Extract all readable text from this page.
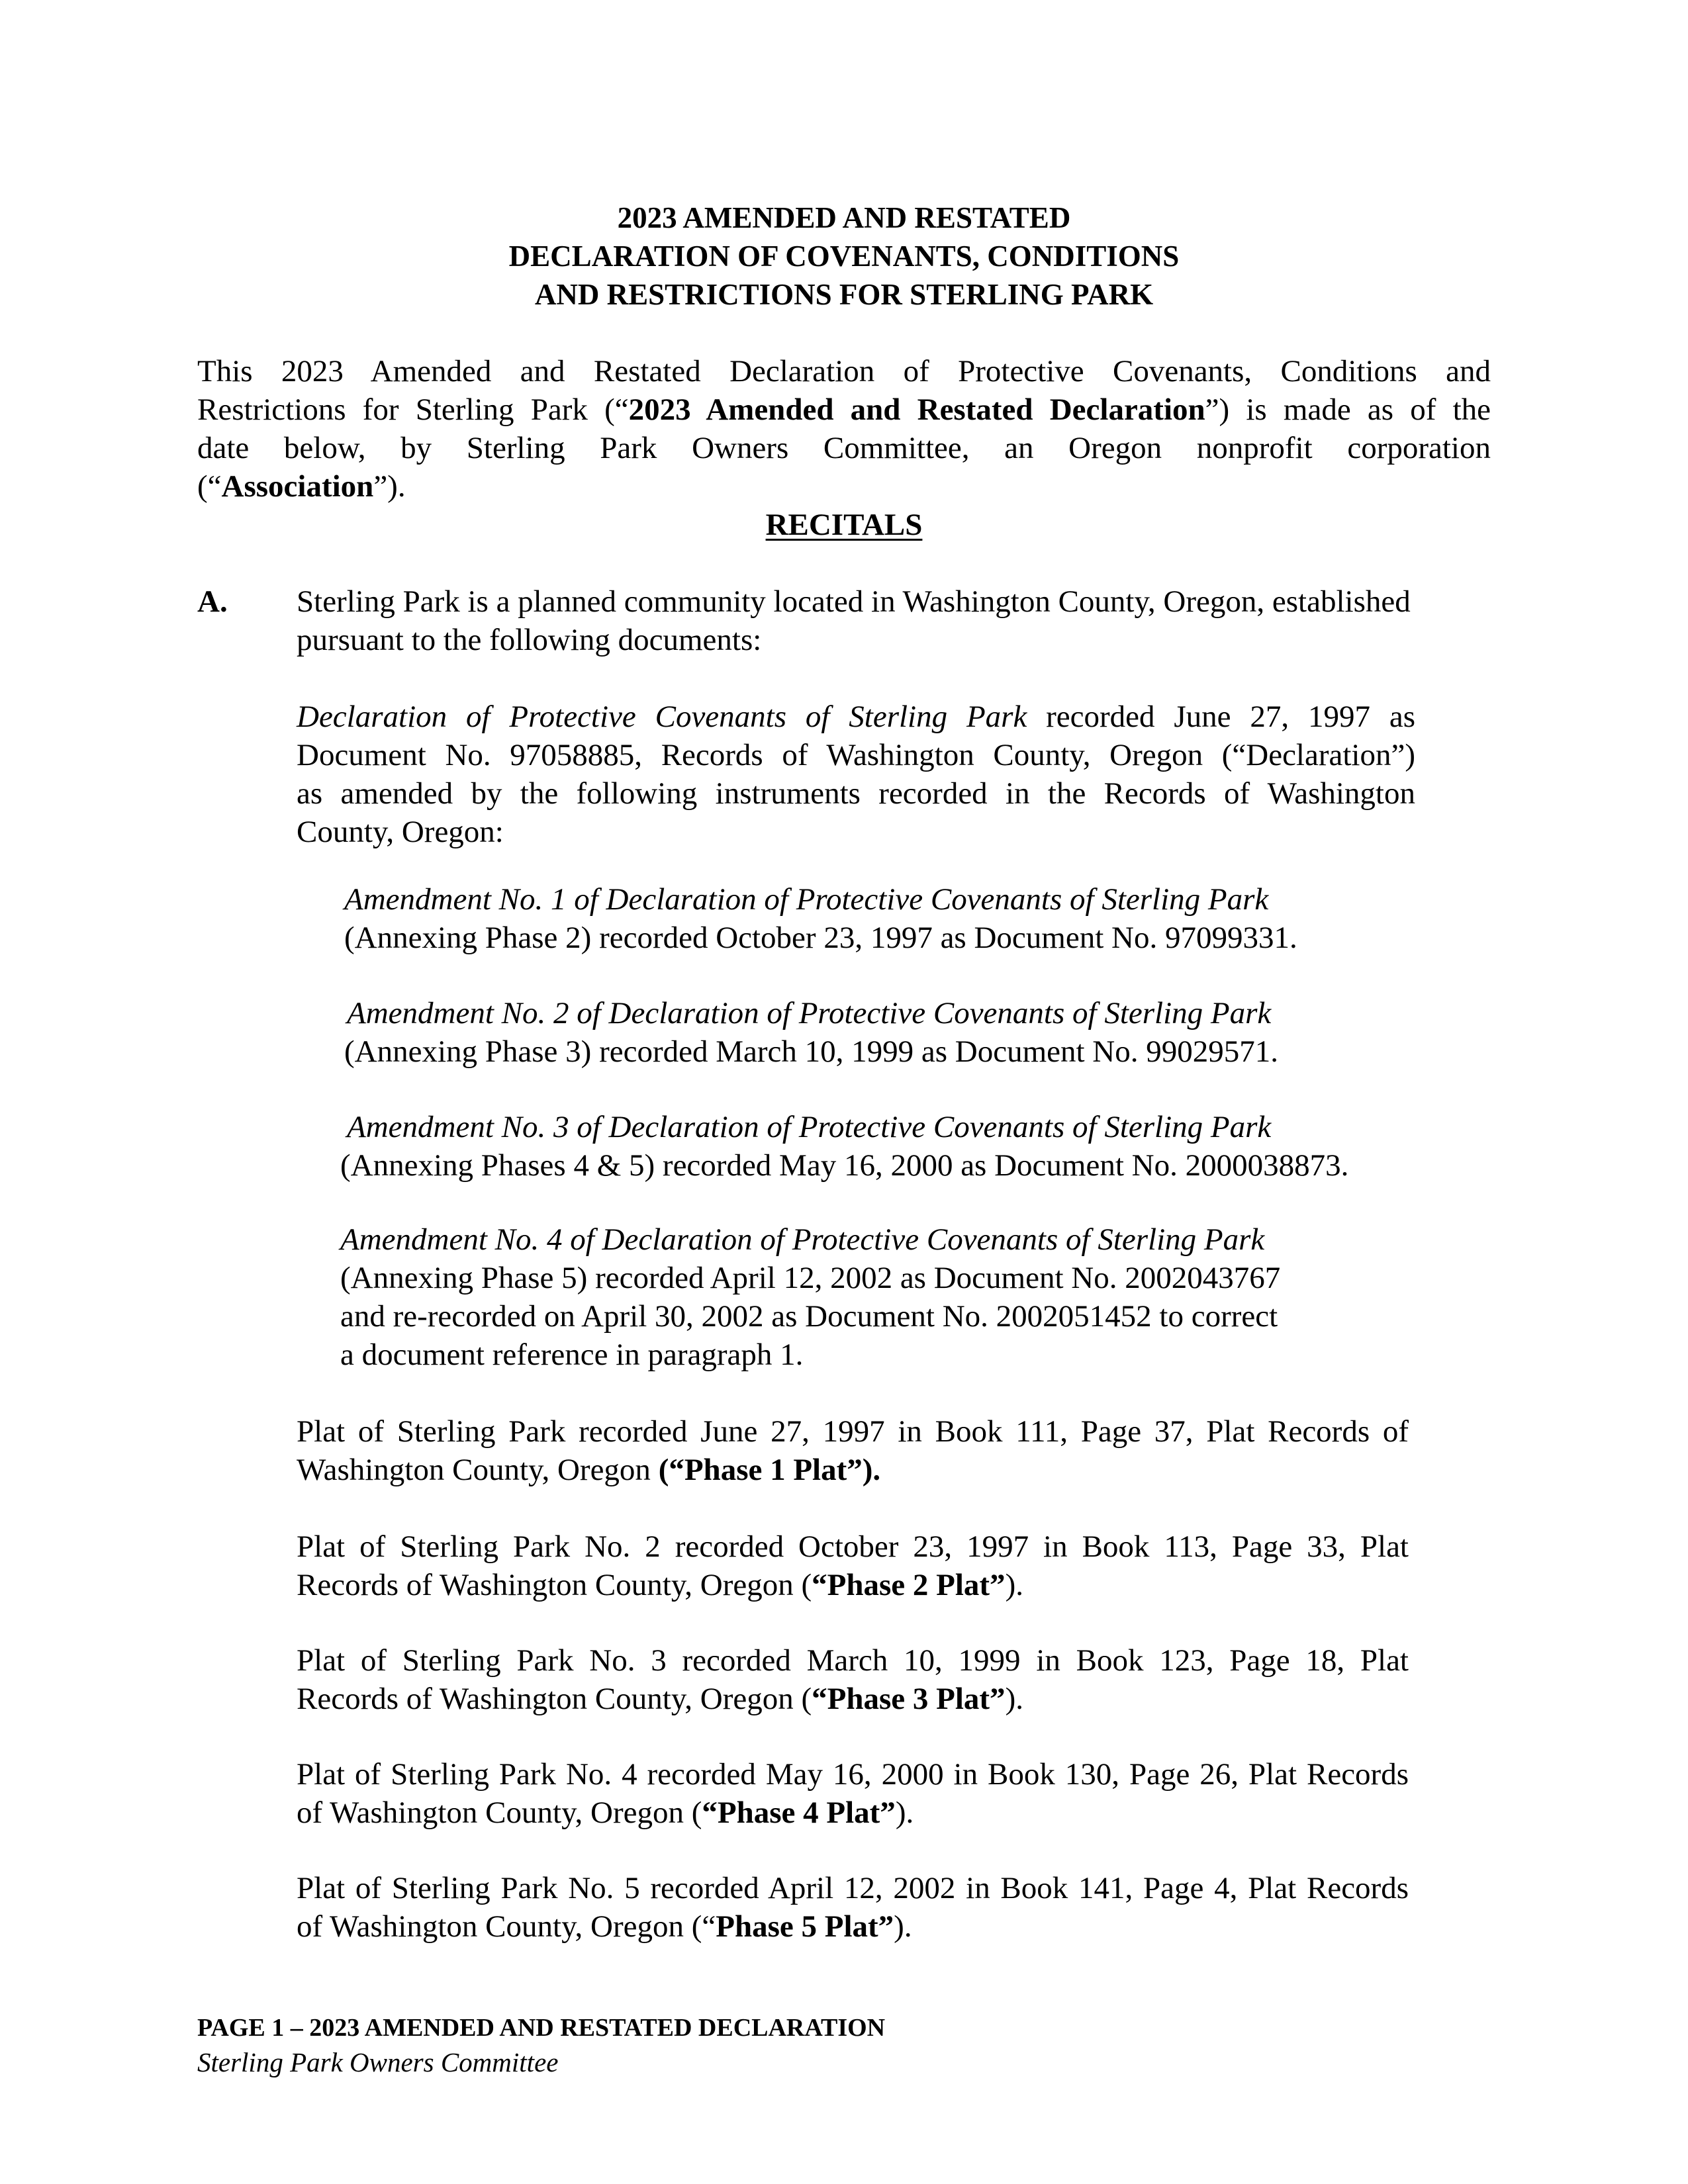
2023 AMENDED AND RESTATED
DECLARATION OF COVENANTS, CONDITIONS
AND RESTRICTIONS FOR STERLING PARK
This 2023 Amended and Restated Declaration of Protective Covenants, Conditions and
Restrictions for Sterling Park (“2023 Amended and Restated Declaration”) is made as of the
date below, by Sterling Park Owners Committee, an Oregon nonprofit corporation
(“Association”).
RECITALS
A. Sterling Park is a planned community located in Washington County, Oregon, established
pursuant to the following documents:
Declaration of Protective Covenants of Sterling Park recorded June 27, 1997 as
Document No. 97058885, Records of Washington County, Oregon (“Declaration”)
as amended by the following instruments recorded in the Records of Washington
County, Oregon:
Amendment No. 1 of Declaration of Protective Covenants of Sterling Park
(Annexing Phase 2) recorded October 23, 1997 as Document No. 97099331.
Amendment No. 2 of Declaration of Protective Covenants of Sterling Park
(Annexing Phase 3) recorded March 10, 1999 as Document No. 99029571.
Amendment No. 3 of Declaration of Protective Covenants of Sterling Park
(Annexing Phases 4 & 5) recorded May 16, 2000 as Document No. 2000038873.
Amendment No. 4 of Declaration of Protective Covenants of Sterling Park
(Annexing Phase 5) recorded April 12, 2002 as Document No. 2002043767
and re-recorded on April 30, 2002 as Document No. 2002051452 to correct
a document reference in paragraph 1.
Plat of Sterling Park recorded June 27, 1997 in Book 111, Page 37, Plat Records of
Washington County, Oregon (“Phase 1 Plat”).
Plat of Sterling Park No. 2 recorded October 23, 1997 in Book 113, Page 33, Plat
Records of Washington County, Oregon (“Phase 2 Plat”).
Plat of Sterling Park No. 3 recorded March 10, 1999 in Book 123, Page 18, Plat
Records of Washington County, Oregon (“Phase 3 Plat”).
Plat of Sterling Park No. 4 recorded May 16, 2000 in Book 130, Page 26, Plat Records
of Washington County, Oregon (“Phase 4 Plat”).
Plat of Sterling Park No. 5 recorded April 12, 2002 in Book 141, Page 4, Plat Records
of Washington County, Oregon (“Phase 5 Plat”).
PAGE 1 – 2023 AMENDED AND RESTATED DECLARATION
Sterling Park Owners Committee
